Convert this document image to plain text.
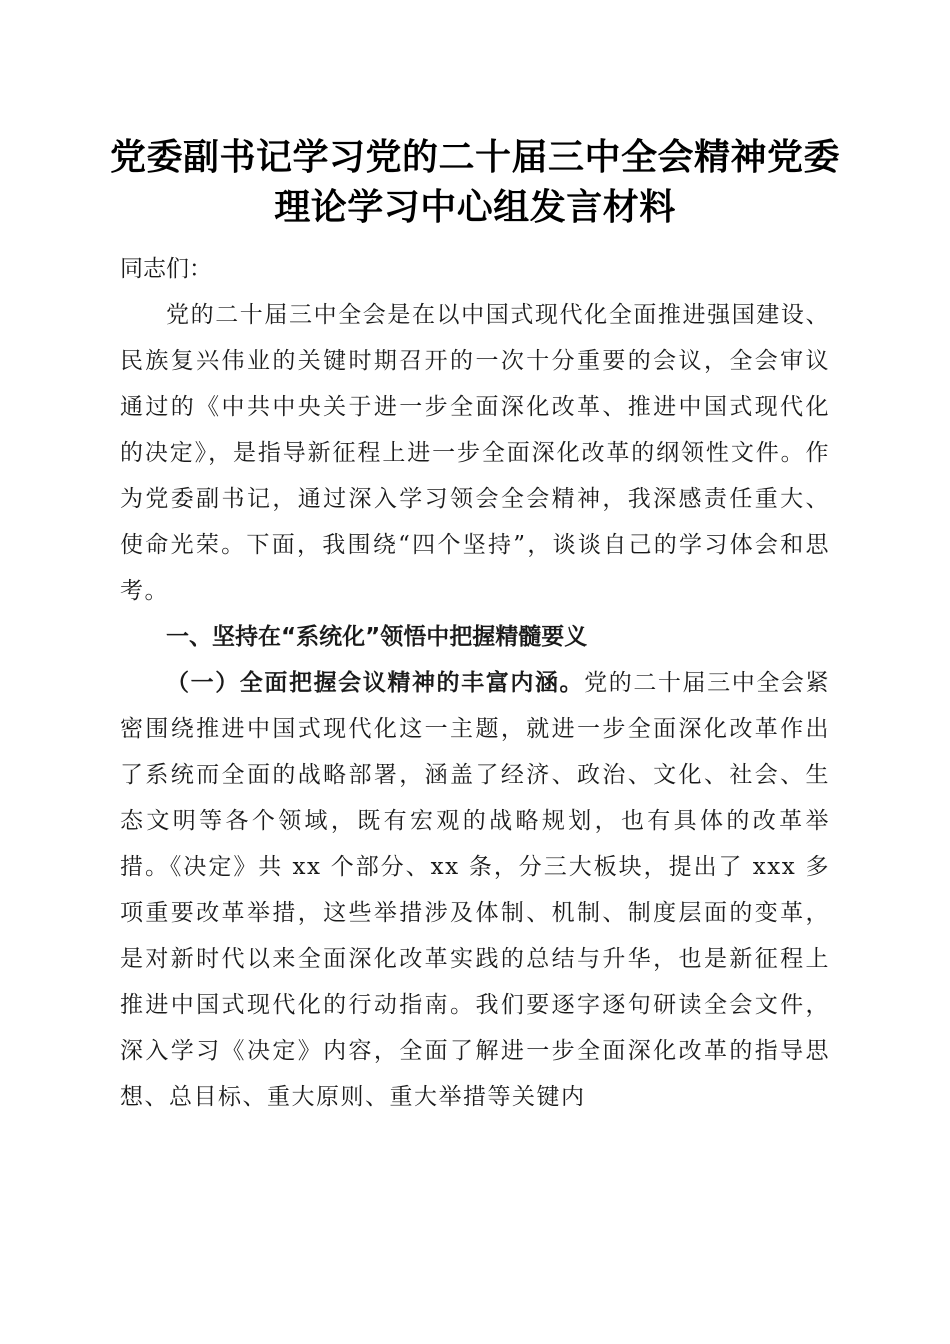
党委副书记学习党的二十届三中全会精神党委
理论学习中心组发言材料

同志们：

党的二十届三中全会是在以中国式现代化全面推进强国建设、民族复兴伟业的关键时期召开的一次十分重要的会议，全会审议通过的《中共中央关于进一步全面深化改革、推进中国式现代化的决定》，是指导新征程上进一步全面深化改革的纲领性文件。作为党委副书记，通过深入学习领会全会精神，我深感责任重大、使命光荣。下面，我围绕“四个坚持”，谈谈自己的学习体会和思考。

一、坚持在“系统化”领悟中把握精髓要义

（一）全面把握会议精神的丰富内涵。党的二十届三中全会紧密围绕推进中国式现代化这一主题，就进一步全面深化改革作出了系统而全面的战略部署，涵盖了经济、政治、文化、社会、生态文明等各个领域，既有宏观的战略规划，也有具体的改革举措。《决定》共 xx 个部分、xx 条，分三大板块，提出了 xxx 多项重要改革举措，这些举措涉及体制、机制、制度层面的变革，是对新时代以来全面深化改革实践的总结与升华，也是新征程上推进中国式现代化的行动指南。我们要逐字逐句研读全会文件，深入学习《决定》内容，全面了解进一步全面深化改革的指导思想、总目标、重大原则、重大举措等关键内
